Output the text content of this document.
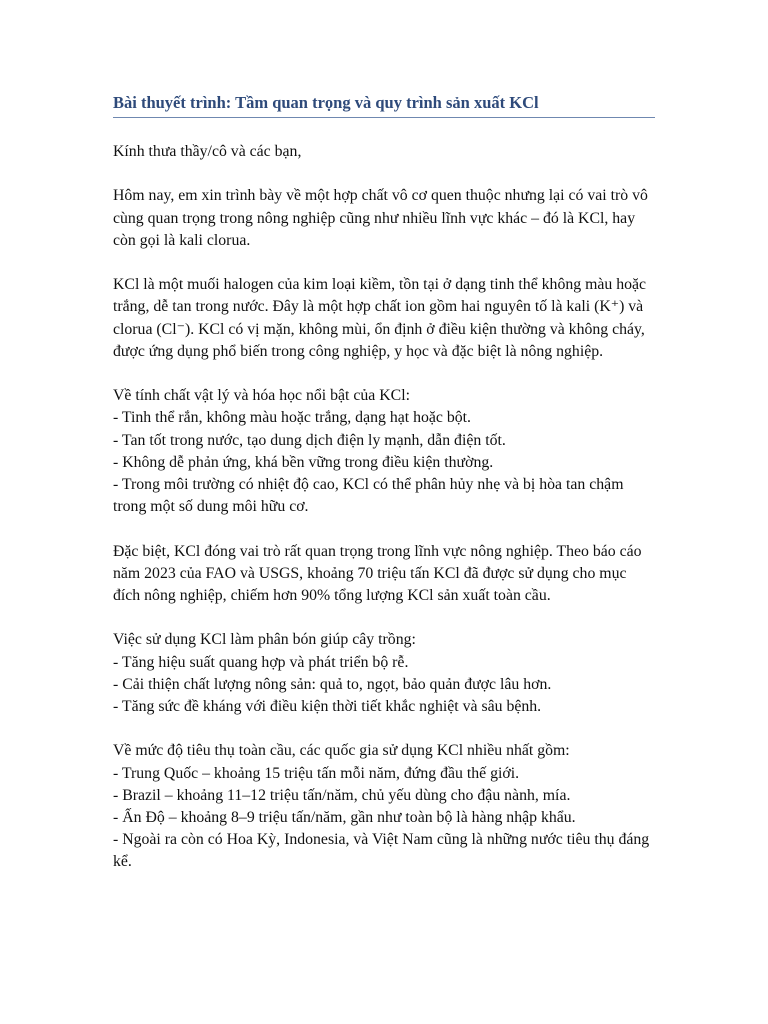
Bài thuyết trình: Tầm quan trọng và quy trình sản xuất KCl

Kính thưa thầy/cô và các bạn,

Hôm nay, em xin trình bày về một hợp chất vô cơ quen thuộc nhưng lại có vai trò vô cùng quan trọng trong nông nghiệp cũng như nhiều lĩnh vực khác – đó là KCl, hay còn gọi là kali clorua.

KCl là một muối halogen của kim loại kiềm, tồn tại ở dạng tinh thể không màu hoặc trắng, dễ tan trong nước. Đây là một hợp chất ion gồm hai nguyên tố là kali (K⁺) và clorua (Cl⁻). KCl có vị mặn, không mùi, ổn định ở điều kiện thường và không cháy, được ứng dụng phổ biến trong công nghiệp, y học và đặc biệt là nông nghiệp.

Về tính chất vật lý và hóa học nổi bật của KCl:
- Tinh thể rắn, không màu hoặc trắng, dạng hạt hoặc bột.
- Tan tốt trong nước, tạo dung dịch điện ly mạnh, dẫn điện tốt.
- Không dễ phản ứng, khá bền vững trong điều kiện thường.
- Trong môi trường có nhiệt độ cao, KCl có thể phân hủy nhẹ và bị hòa tan chậm trong một số dung môi hữu cơ.

Đặc biệt, KCl đóng vai trò rất quan trọng trong lĩnh vực nông nghiệp. Theo báo cáo năm 2023 của FAO và USGS, khoảng 70 triệu tấn KCl đã được sử dụng cho mục đích nông nghiệp, chiếm hơn 90% tổng lượng KCl sản xuất toàn cầu.

Việc sử dụng KCl làm phân bón giúp cây trồng:
- Tăng hiệu suất quang hợp và phát triển bộ rễ.
- Cải thiện chất lượng nông sản: quả to, ngọt, bảo quản được lâu hơn.
- Tăng sức đề kháng với điều kiện thời tiết khắc nghiệt và sâu bệnh.
Về mức độ tiêu thụ toàn cầu, các quốc gia sử dụng KCl nhiều nhất gồm:
- Trung Quốc – khoảng 15 triệu tấn mỗi năm, đứng đầu thế giới.
- Brazil – khoảng 11–12 triệu tấn/năm, chủ yếu dùng cho đậu nành, mía.
- Ấn Độ – khoảng 8–9 triệu tấn/năm, gần như toàn bộ là hàng nhập khẩu.
- Ngoài ra còn có Hoa Kỳ, Indonesia, và Việt Nam cũng là những nước tiêu thụ đáng kể.
